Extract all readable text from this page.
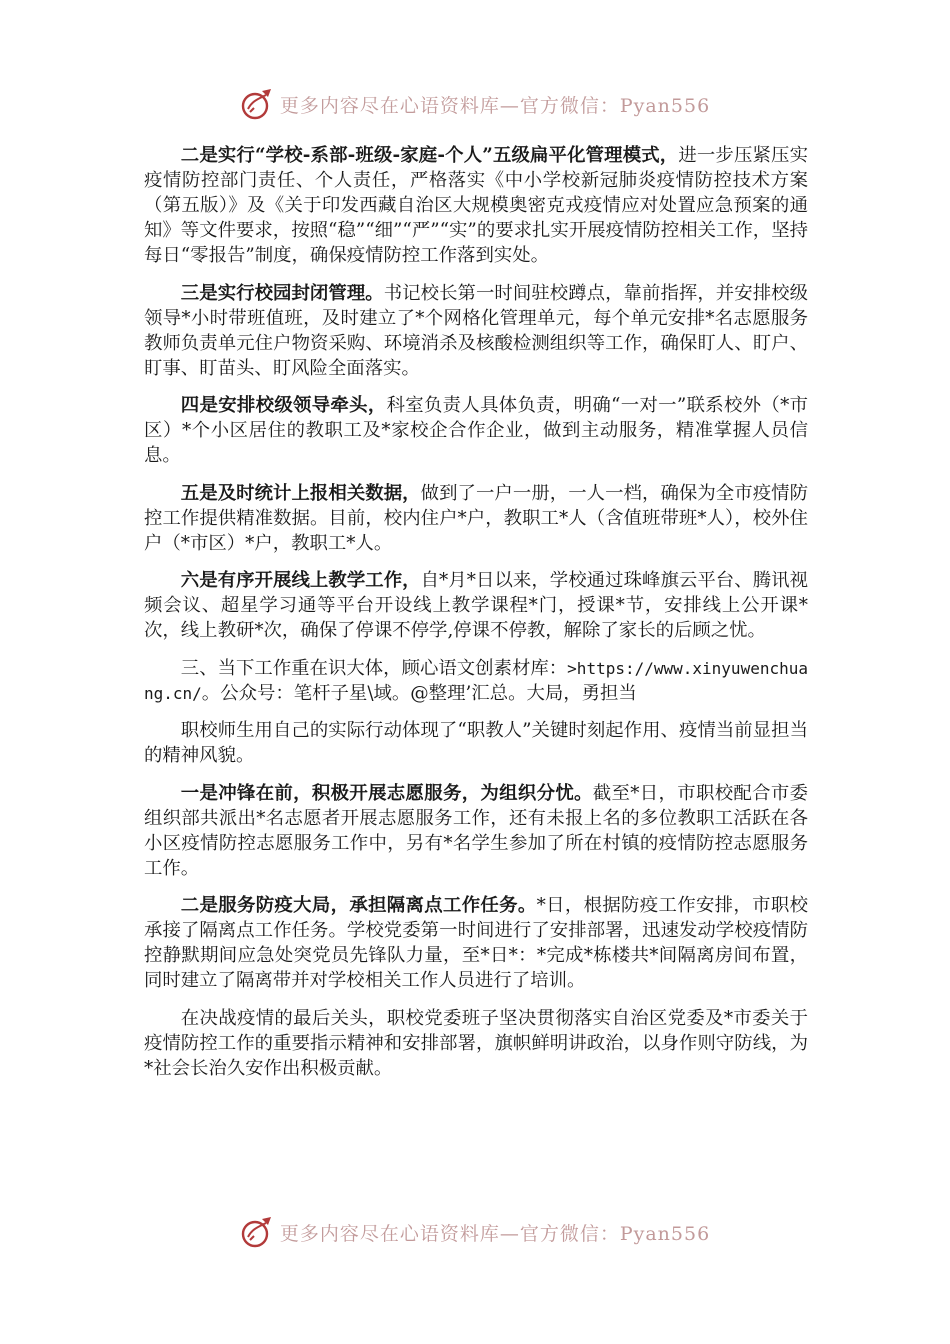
更多内容尽在心语资料库—官方微信：Pyan556

二是实行“学校-系部-班级-家庭-个人”五级扁平化管理模式，进一步压紧压实疫情防控部门责任、个人责任，严格落实《中小学校新冠肺炎疫情防控技术方案（第五版）》及《关于印发西藏自治区大规模奥密克戎疫情应对处置应急预案的通知》等文件要求，按照“稳”“细”“严”“实”的要求扎实开展疫情防控相关工作，坚持每日“零报告”制度，确保疫情防控工作落到实处。

三是实行校园封闭管理。书记校长第一时间驻校蹲点，靠前指挥，并安排校级领导*小时带班值班，及时建立了*个网格化管理单元，每个单元安排*名志愿服务教师负责单元住户物资采购、环境消杀及核酸检测组织等工作，确保盯人、盯户、盯事、盯苗头、盯风险全面落实。

四是安排校级领导牵头，科室负责人具体负责，明确“一对一”联系校外（*市区）*个小区居住的教职工及*家校企合作企业，做到主动服务，精准掌握人员信息。

五是及时统计上报相关数据，做到了一户一册，一人一档，确保为全市疫情防控工作提供精准数据。目前，校内住户*户，教职工*人（含值班带班*人），校外住户（*市区）*户，教职工*人。

六是有序开展线上教学工作，自*月*日以来，学校通过珠峰旗云平台、腾讯视频会议、超星学习通等平台开设线上教学课程*门，授课*节，安排线上公开课*次，线上教研*次，确保了停课不停学,停课不停教，解除了家长的后顾之忧。

三、当下工作重在识大体，顾心语文创素材库：>https://www.xinyuwenchuang.cn/。公众号：笔杆子星\域。@整理’汇总。大局，勇担当

职校师生用自己的实际行动体现了“职教人”关键时刻起作用、疫情当前显担当的精神风貌。

一是冲锋在前，积极开展志愿服务，为组织分忧。截至*日，市职校配合市委组织部共派出*名志愿者开展志愿服务工作，还有未报上名的多位教职工活跃在各小区疫情防控志愿服务工作中，另有*名学生参加了所在村镇的疫情防控志愿服务工作。

二是服务防疫大局，承担隔离点工作任务。*日，根据防疫工作安排，市职校承接了隔离点工作任务。学校党委第一时间进行了安排部署，迅速发动学校疫情防控静默期间应急处突党员先锋队力量，至*日*：*完成*栋楼共*间隔离房间布置，同时建立了隔离带并对学校相关工作人员进行了培训。

在决战疫情的最后关头，职校党委班子坚决贯彻落实自治区党委及*市委关于疫情防控工作的重要指示精神和安排部署，旗帜鲜明讲政治，以身作则守防线，为*社会长治久安作出积极贡献。

更多内容尽在心语资料库—官方微信：Pyan556
